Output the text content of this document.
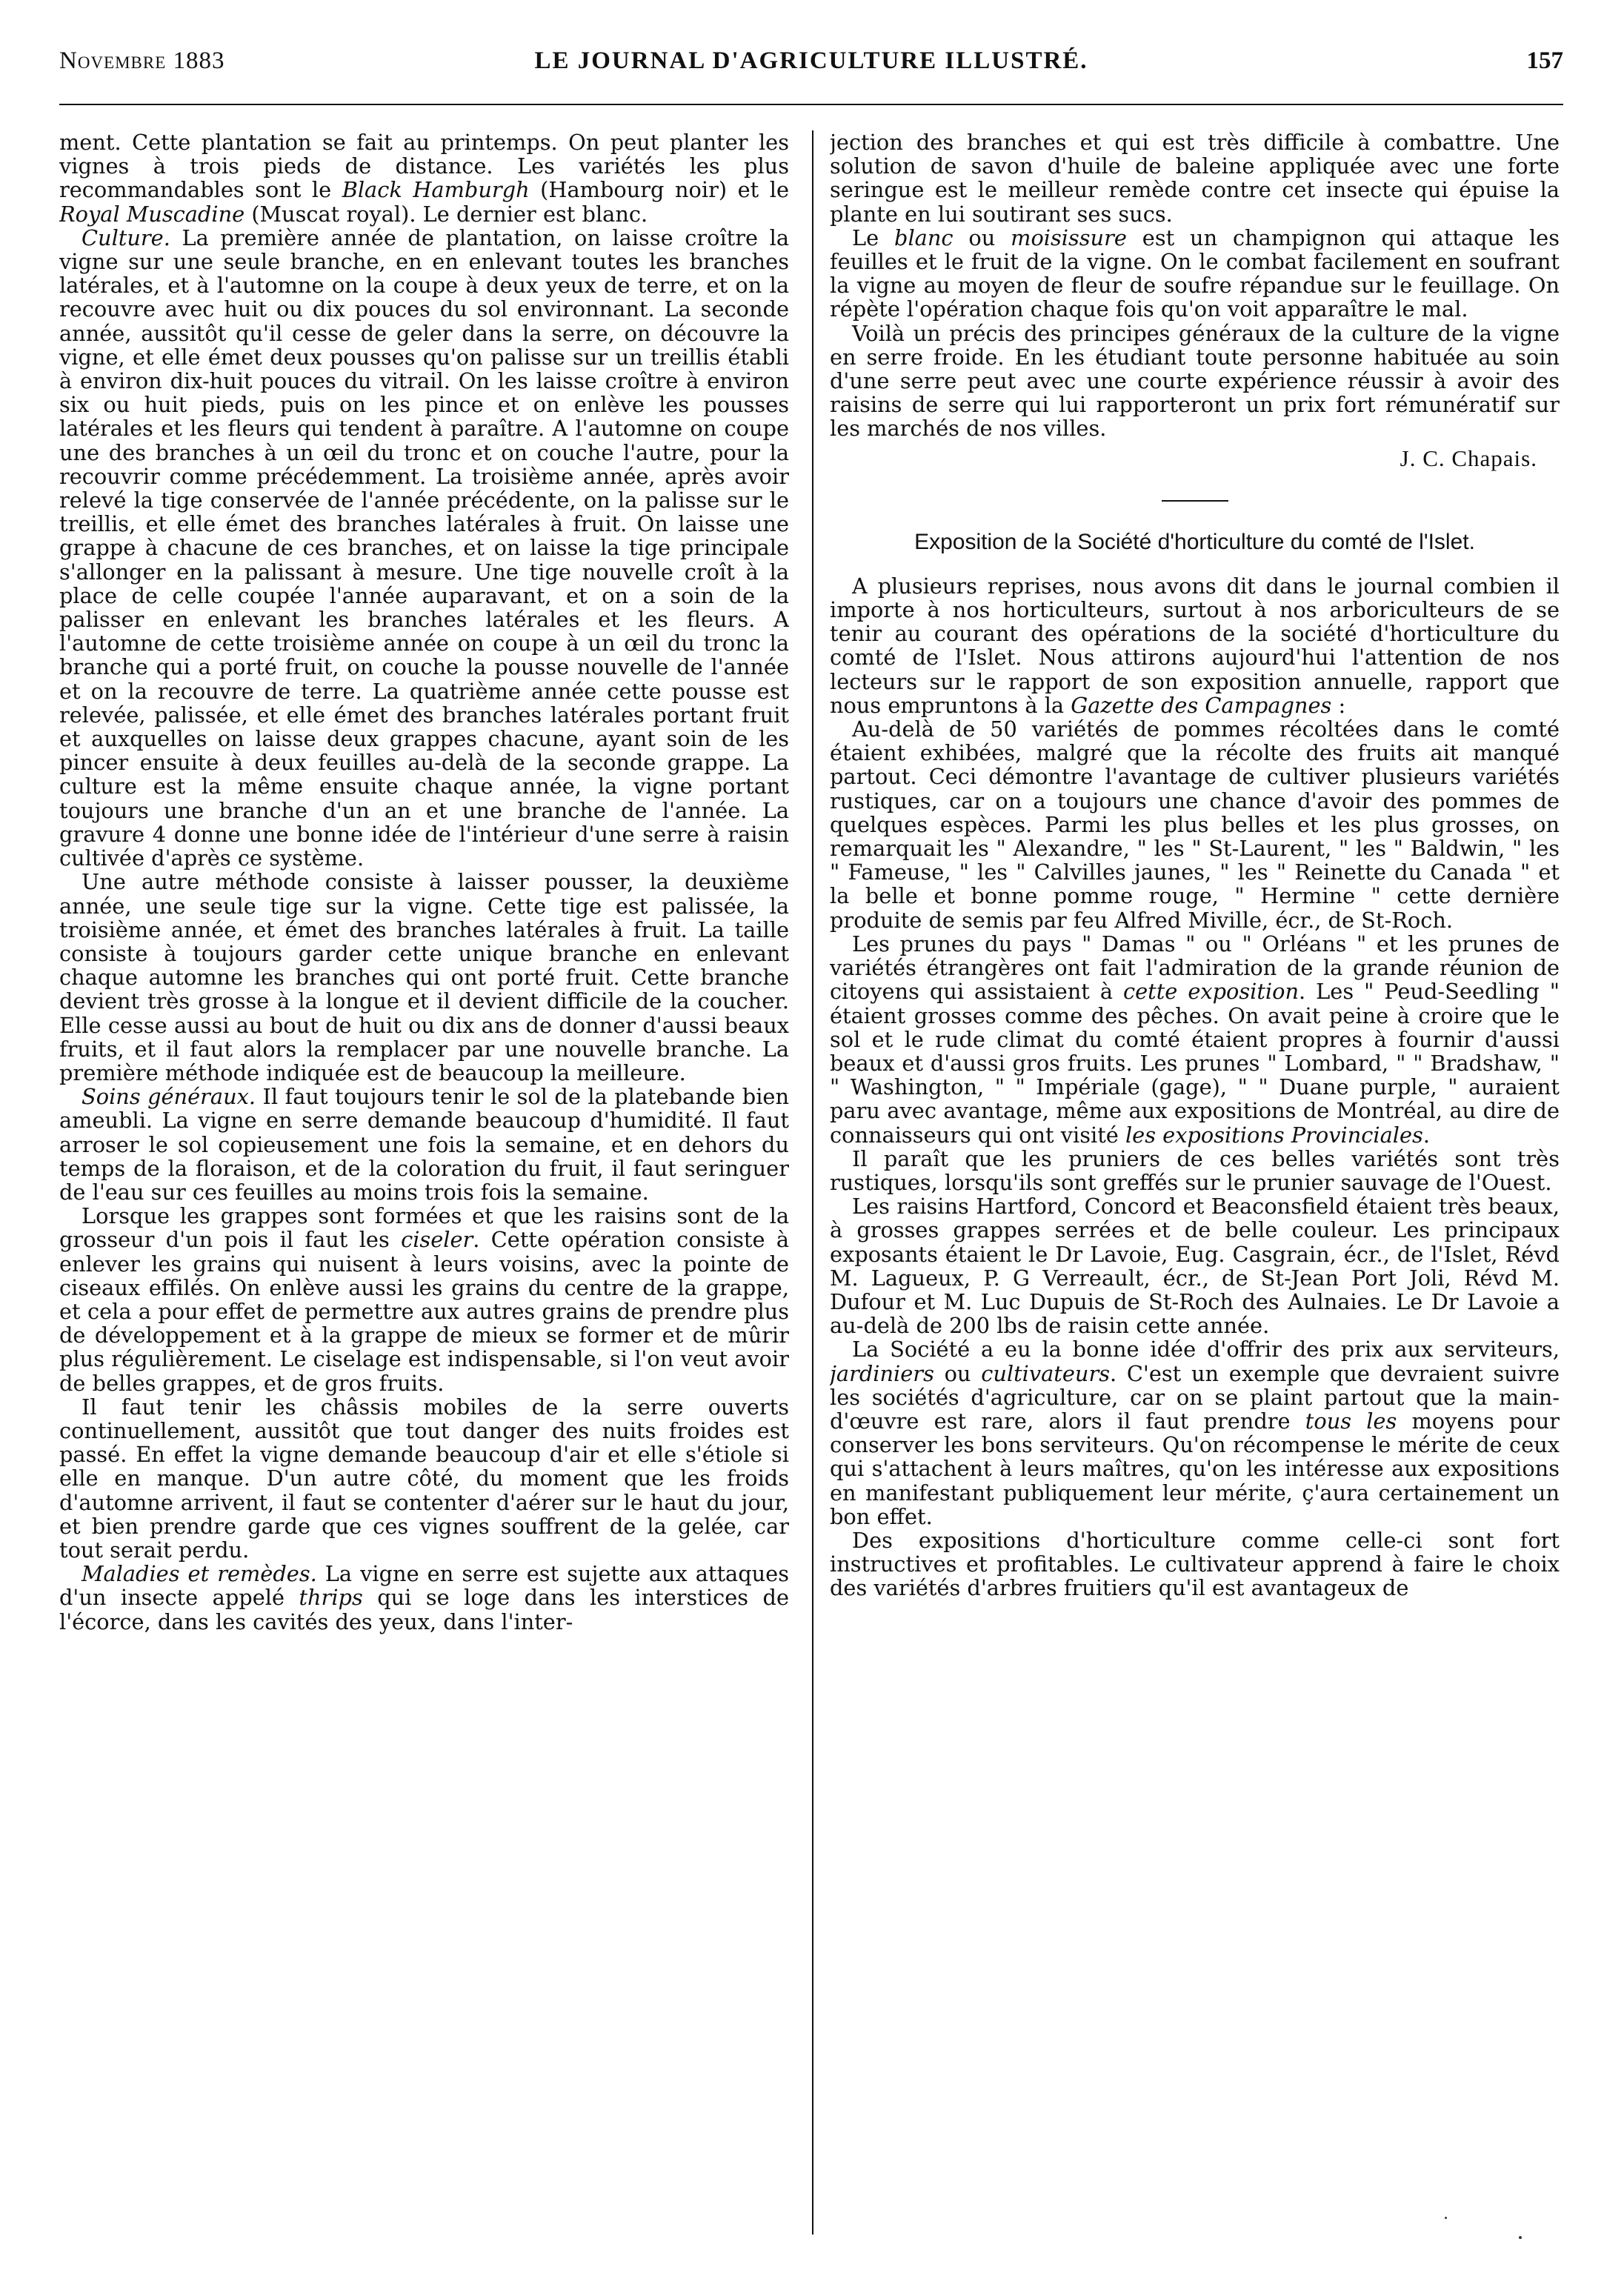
Novembre 1883	LE JOURNAL D'AGRICULTURE ILLUSTRÉ.	157

ment. Cette plantation se fait au printemps. On peut planter les vignes à trois pieds de distance. Les variétés les plus recommandables sont le Black Hamburgh (Hambourg noir) et le Royal Muscadine (Muscat royal). Le dernier est blanc.

Culture. La première année de plantation, on laisse croître la vigne sur une seule branche, en en enlevant toutes les branches latérales, et à l'automne on la coupe à deux yeux de terre, et on la recouvre avec huit ou dix pouces du sol environnant. La seconde année, aussitôt qu'il cesse de geler dans la serre, on découvre la vigne, et elle émet deux pousses qu'on palisse sur un treillis établi à environ dix-huit pouces du vitrail. On les laisse croître à environ six ou huit pieds, puis on les pince et on enlève les pousses latérales et les fleurs qui tendent à paraître. A l'automne on coupe une des branches à un œil du tronc et on couche l'autre, pour la recouvrir comme précédemment. La troisième année, après avoir relevé la tige conservée de l'année précédente, on la palisse sur le treillis, et elle émet des branches latérales à fruit. On laisse une grappe à chacune de ces branches, et on laisse la tige principale s'allonger en la palissant à mesure. Une tige nouvelle croît à la place de celle coupée l'année auparavant, et on a soin de la palisser en enlevant les branches latérales et les fleurs. A l'automne de cette troisième année on coupe à un œil du tronc la branche qui a porté fruit, on couche la pousse nouvelle de l'année et on la recouvre de terre. La quatrième année cette pousse est relevée, palissée, et elle émet des branches latérales portant fruit et auxquelles on laisse deux grappes chacune, ayant soin de les pincer ensuite à deux feuilles au-delà de la seconde grappe. La culture est la même ensuite chaque année, la vigne portant toujours une branche d'un an et une branche de l'année. La gravure 4 donne une bonne idée de l'intérieur d'une serre à raisin cultivée d'après ce système.

Une autre méthode consiste à laisser pousser, la deuxième année, une seule tige sur la vigne. Cette tige est palissée, la troisième année, et émet des branches latérales à fruit. La taille consiste à toujours garder cette unique branche en enlevant chaque automne les branches qui ont porté fruit. Cette branche devient très grosse à la longue et il devient difficile de la coucher. Elle cesse aussi au bout de huit ou dix ans de donner d'aussi beaux fruits, et il faut alors la remplacer par une nouvelle branche. La première méthode indiquée est de beaucoup la meilleure.

Soins généraux. Il faut toujours tenir le sol de la platebande bien ameubli. La vigne en serre demande beaucoup d'humidité. Il faut arroser le sol copieusement une fois la semaine, et en dehors du temps de la floraison, et de la coloration du fruit, il faut seringuer de l'eau sur ces feuilles au moins trois fois la semaine.

Lorsque les grappes sont formées et que les raisins sont de la grosseur d'un pois il faut les ciseler. Cette opération consiste à enlever les grains qui nuisent à leurs voisins, avec la pointe de ciseaux effilés. On enlève aussi les grains du centre de la grappe, et cela a pour effet de permettre aux autres grains de prendre plus de développement et à la grappe de mieux se former et de mûrir plus régulièrement. Le ciselage est indispensable, si l'on veut avoir de belles grappes, et de gros fruits.

Il faut tenir les châssis mobiles de la serre ouverts continuellement, aussitôt que tout danger des nuits froides est passé. En effet la vigne demande beaucoup d'air et elle s'étiole si elle en manque. D'un autre côté, du moment que les froids d'automne arrivent, il faut se contenter d'aérer sur le haut du jour, et bien prendre garde que ces vignes souffrent de la gelée, car tout serait perdu.

Maladies et remèdes. La vigne en serre est sujette aux attaques d'un insecte appelé thrips qui se loge dans les interstices de l'écorce, dans les cavités des yeux, dans l'inter-

jection des branches et qui est très difficile à combattre. Une solution de savon d'huile de baleine appliquée avec une forte seringue est le meilleur remède contre cet insecte qui épuise la plante en lui soutirant ses sucs.

Le blanc ou moisissure est un champignon qui attaque les feuilles et le fruit de la vigne. On le combat facilement en soufrant la vigne au moyen de fleur de soufre répandue sur le feuillage. On répète l'opération chaque fois qu'on voit apparaître le mal.

Voilà un précis des principes généraux de la culture de la vigne en serre froide. En les étudiant toute personne habituée au soin d'une serre peut avec une courte expérience réussir à avoir des raisins de serre qui lui rapporteront un prix fort rémunératif sur les marchés de nos villes.

J. C. Chapais.
Exposition de la Société d'horticulture du comté de l'Islet.

A plusieurs reprises, nous avons dit dans le journal combien il importe à nos horticulteurs, surtout à nos arboriculteurs de se tenir au courant des opérations de la société d'horticulture du comté de l'Islet. Nous attirons aujourd'hui l'attention de nos lecteurs sur le rapport de son exposition annuelle, rapport que nous empruntons à la Gazette des Campagnes :

Au-delà de 50 variétés de pommes récoltées dans le comté étaient exhibées, malgré que la récolte des fruits ait manqué partout. Ceci démontre l'avantage de cultiver plusieurs variétés rustiques, car on a toujours une chance d'avoir des pommes de quelques espèces. Parmi les plus belles et les plus grosses, on remarquait les " Alexandre, " les " St-Laurent, " les " Baldwin, " les " Fameuse, " les " Calvilles jaunes, " les " Reinette du Canada " et la belle et bonne pomme rouge, " Hermine " cette dernière produite de semis par feu Alfred Miville, écr., de St-Roch.

Les prunes du pays " Damas " ou " Orléans " et les prunes de variétés étrangères ont fait l'admiration de la grande réunion de citoyens qui assistaient à cette exposition. Les " Peud-Seedling " étaient grosses comme des pêches. On avait peine à croire que le sol et le rude climat du comté étaient propres à fournir d'aussi beaux et d'aussi gros fruits. Les prunes " Lombard, " " Bradshaw, " " Washington, " " Impériale (gage), " " Duane purple, " auraient paru avec avantage, même aux expositions de Montréal, au dire de connaisseurs qui ont visité les expositions Provinciales.

Il paraît que les pruniers de ces belles variétés sont très rustiques, lorsqu'ils sont greffés sur le prunier sauvage de l'Ouest.

Les raisins Hartford, Concord et Beaconsfield étaient très beaux, à grosses grappes serrées et de belle couleur. Les principaux exposants étaient le Dr Lavoie, Eug. Casgrain, écr., de l'Islet, Révd M. Lagueux, P. G Verreault, écr., de St-Jean Port Joli, Révd M. Dufour et M. Luc Dupuis de St-Roch des Aulnaies. Le Dr Lavoie a au-delà de 200 lbs de raisin cette année.

La Société a eu la bonne idée d'offrir des prix aux serviteurs, jardiniers ou cultivateurs. C'est un exemple que devraient suivre les sociétés d'agriculture, car on se plaint partout que la main-d'œuvre est rare, alors il faut prendre tous les moyens pour conserver les bons serviteurs. Qu'on récompense le mérite de ceux qui s'attachent à leurs maîtres, qu'on les intéresse aux expositions en manifestant publiquement leur mérite, ç'aura certainement un bon effet.

Des expositions d'horticulture comme celle-ci sont fort instructives et profitables. Le cultivateur apprend à faire le choix des variétés d'arbres fruitiers qu'il est avantageux de
